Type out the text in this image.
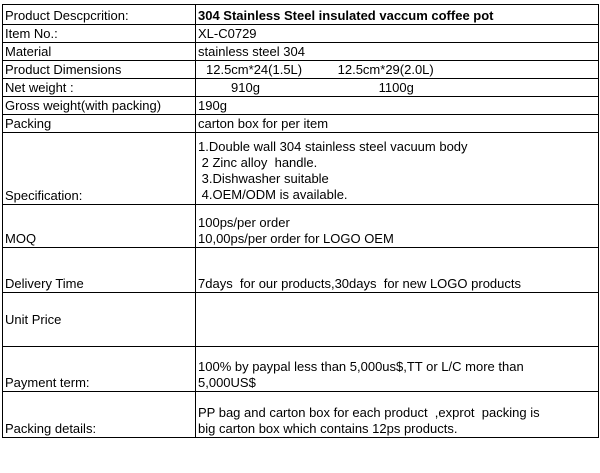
Product Descpcrition:	304 Stainless Steel insulated vaccum coffee pot
Item No.:	XL-C0729
Material	stainless steel 304
Product Dimensions	12.5cm*24(1.5L) 12.5cm*29(2.0L)
Net weight :	910g 1100g
Gross weight(with packing)	190g
Packing	carton box for per item
Specification:	1.Double wall 304 stainless steel vacuum body
2 Zinc alloy  handle.
3.Dishwasher suitable
4.OEM/ODM is available.

MOQ	100ps/per order
10,00ps/per order for LOGO OEM

Delivery Time	7days  for our products,30days  for new LOGO products
Unit Price	
Payment term:	100% by paypal less than 5,000us$,TT or L/C more than
5,000US$

Packing details:	PP bag and carton box for each product  ,exprot  packing is
big carton box which contains 12ps products.
